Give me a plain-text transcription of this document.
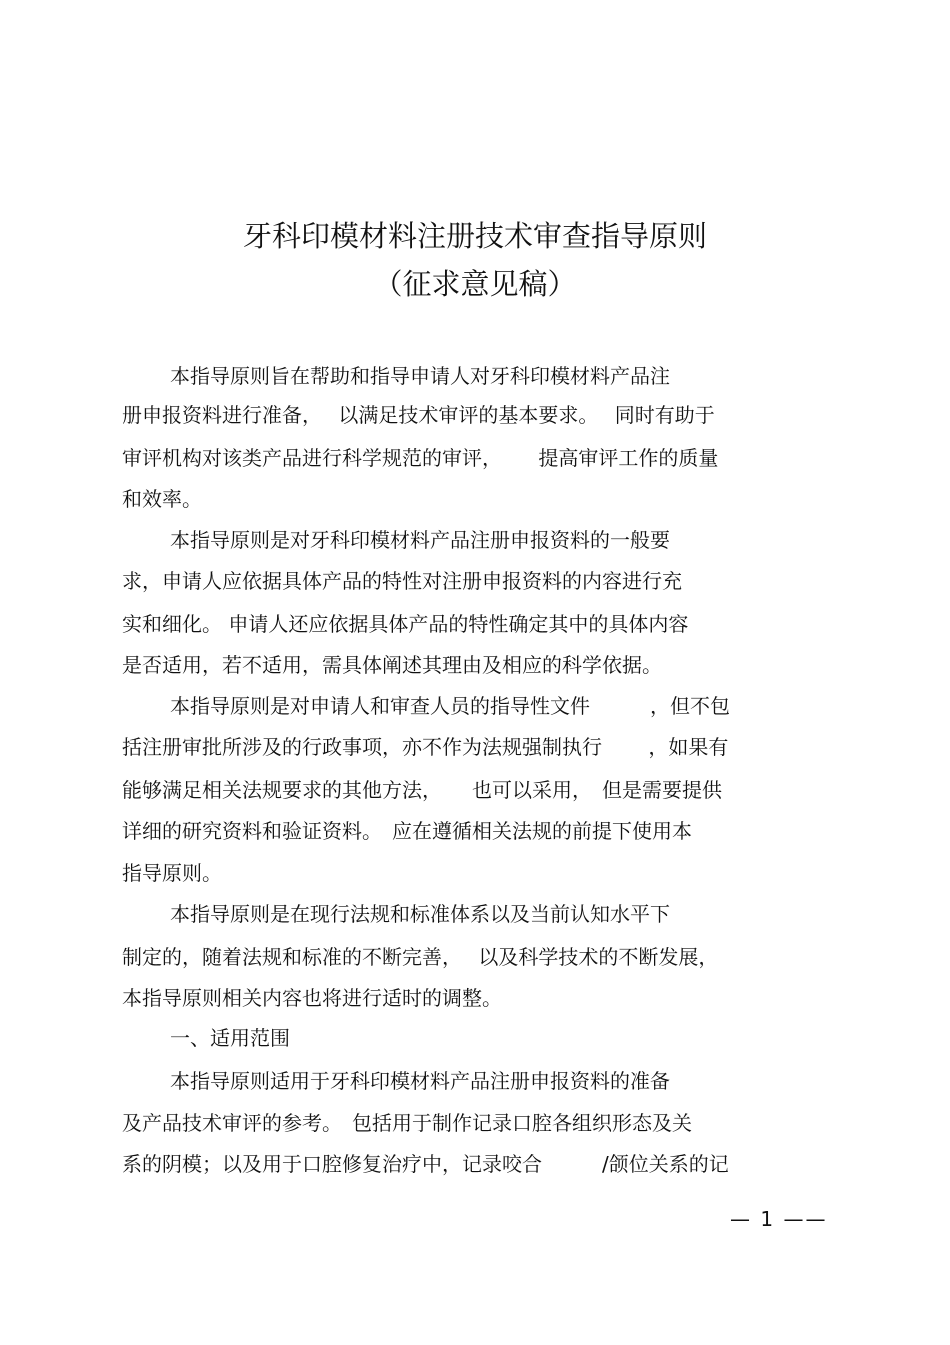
牙科印模材料注册技术审查指导原则
（征求意见稿）
本指导原则旨在帮助和指导申请人对牙科印模材料产品注
册申报资料进行准备，　 以满足技术审评的基本要求。　 同时有助于
审评机构对该类产品进行科学规范的审评，　　 提高审评工作的质量
和效率。
本指导原则是对牙科印模材料产品注册申报资料的一般要
求，申请人应依据具体产品的特性对注册申报资料的内容进行充
实和细化。 申请人还应依据具体产品的特性确定其中的具体内容
是否适用，若不适用，需具体阐述其理由及相应的科学依据。
本指导原则是对申请人和审查人员的指导性文件　　　，但不包
括注册审批所涉及的行政事项，亦不作为法规强制执行　　 ，如果有
能够满足相关法规要求的其他方法，　　也可以采用，　但是需要提供
详细的研究资料和验证资料。　应在遵循相关法规的前提下使用本
指导原则。
本指导原则是在现行法规和标准体系以及当前认知水平下
制定的，随着法规和标准的不断完善，　 以及科学技术的不断发展，
本指导原则相关内容也将进行适时的调整。
一、适用范围
本指导原则适用于牙科印模材料产品注册申报资料的准备
及产品技术审评的参考。　包括用于制作记录口腔各组织形态及关
系的阴模；以及用于口腔修复治疗中，记录咬合　　　/颌位关系的记
— 1 ——
